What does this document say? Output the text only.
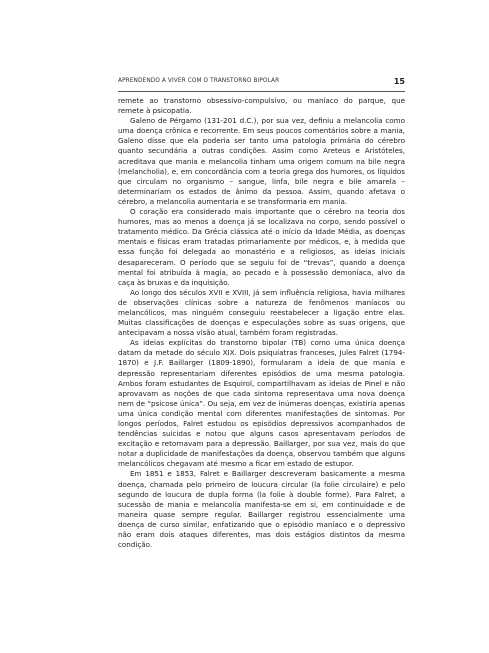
APRENDENDO A VIVER COM O TRANSTORNO BIPOLAR	15

remete ao transtorno obsessivo-compulsivo, ou maníaco do parque, que remete à psicopatia.

Galeno de Pérgamo (131-201 d.C.), por sua vez, definiu a melancolia como uma doença crônica e recorrente. Em seus poucos comentários sobre a mania, Galeno disse que ela poderia ser tanto uma patologia primária do cérebro quanto secundária a outras condições. Assim como Areteus e Aristóteles, acreditava que mania e melancolia tinham uma origem comum na bile negra (melancholia), e, em concordância com a teoria grega dos humores, os líquidos que circulam no organismo – sangue, linfa, bile negra e bile amarela – determinariam os estados de ânimo da pessoa. Assim, quando afetava o cérebro, a melancolia aumentaria e se transformaria em mania.

O coração era considerado mais importante que o cérebro na teoria dos humores, mas ao menos a doença já se localizava no corpo, sendo possível o tratamento médico. Da Grécia clássica até o início da Idade Média, as doenças mentais e físicas eram tratadas primariamente por médicos, e, à medida que essa função foi delegada ao monastério e a religiosos, as ideias iniciais desapareceram. O período que se seguiu foi de “trevas”, quando a doença mental foi atribuída à magia, ao pecado e à possessão demoníaca, alvo da caça às bruxas e da inquisição.

Ao longo dos séculos XVII e XVIII, já sem influência religiosa, havia milhares de observações clínicas sobre a natureza de fenômenos maníacos ou melancólicos, mas ninguém conseguiu reestabelecer a ligação entre elas. Muitas classificações de doenças e especulações sobre as suas origens, que antecipavam a nossa visão atual, também foram registradas.

As ideias explícitas do transtorno bipolar (TB) como uma única doença datam da metade do século XIX. Dois psiquiatras franceses, Jules Falret (1794-1870) e J.F. Baillarger (1809-1890), formularam a ideia de que mania e depressão representariam diferentes episódios de uma mesma patologia. Ambos foram estudantes de Esquirol, compartilhavam as ideias de Pinel e não aprovavam as noções de que cada sintoma representava uma nova doença nem de “psicose única”. Ou seja, em vez de inúmeras doenças, existiria apenas uma única condição mental com diferentes manifestações de sintomas. Por longos períodos, Falret estudou os episódios depressivos acompanhados de tendências suicidas e notou que alguns casos apresentavam períodos de excitação e retornavam para a depressão. Baillarger, por sua vez, mais do que notar a duplicidade de manifestações da doença, observou também que alguns melancólicos chegavam até mesmo a ficar em estado de estupor.

Em 1851 e 1853, Falret e Baillarger descreveram basicamente a mesma doença, chamada pelo primeiro de loucura circular (la folie circulaire) e pelo segundo de loucura de dupla forma (la folie à double forme). Para Falret, a sucessão de mania e melancolia manifesta-se em si, em continuidade e de maneira quase sempre regular. Baillarger registrou essencialmente uma doença de curso similar, enfatizando que o episódio maníaco e o depressivo não eram dois ataques diferentes, mas dois estágios distintos da mesma condição.
